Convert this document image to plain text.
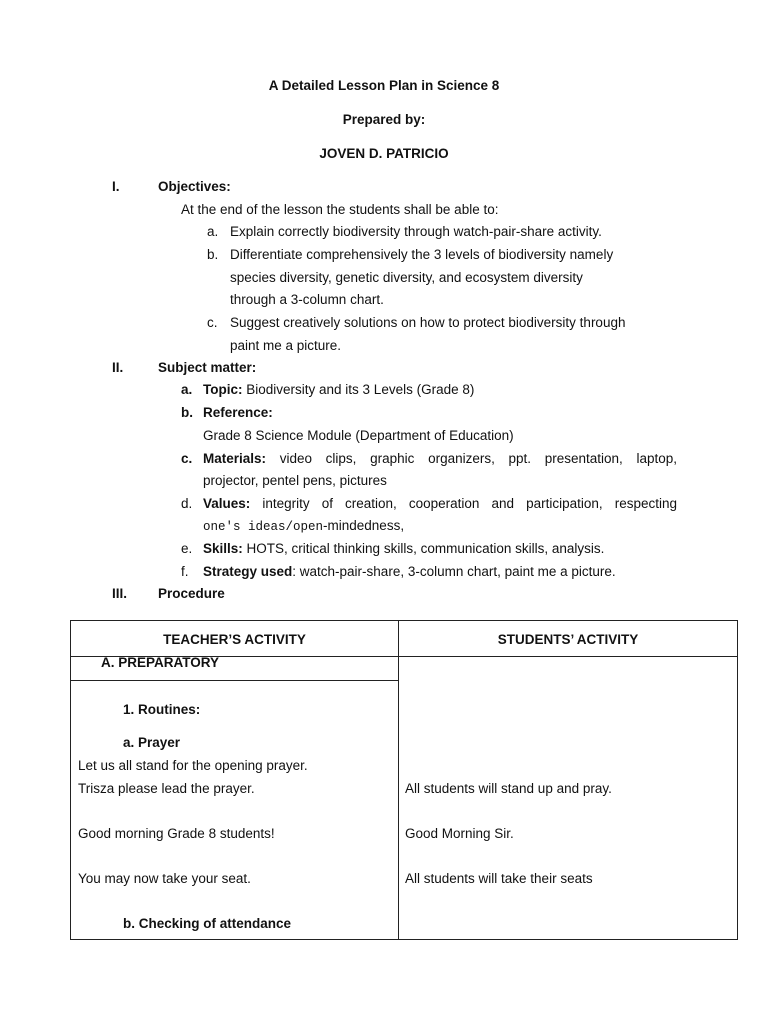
A Detailed Lesson Plan in Science 8
Prepared by:
JOVEN D. PATRICIO
I.	Objectives:
At the end of the lesson the students shall be able to:
a. Explain correctly biodiversity through watch-pair-share activity.
b. Differentiate comprehensively the 3 levels of biodiversity namely
species diversity, genetic diversity, and ecosystem diversity
through a 3-column chart.
c. Suggest creatively solutions on how to protect biodiversity through
paint me a picture.
II.	Subject matter:
a. Topic: Biodiversity and its 3 Levels (Grade 8)
b. Reference:
Grade 8 Science Module (Department of Education)
c. Materials: video clips, graphic organizers, ppt. presentation, laptop,
projector, pentel pens, pictures
d. Values: integrity of creation, cooperation and participation, respecting
one's ideas/open-mindedness,
e. Skills: HOTS, critical thinking skills, communication skills, analysis.
f. Strategy used: watch-pair-share, 3-column chart, paint me a picture.
III. Procedure
TEACHER’S ACTIVITY	STUDENTS’ ACTIVITY
A. PREPARATORY
1. Routines:
a. Prayer
Let us all stand for the opening prayer.
Trisza please lead the prayer.	All students will stand up and pray.
Good morning Grade 8 students!	Good Morning Sir.
You may now take your seat.	All students will take their seats
b. Checking of attendance
